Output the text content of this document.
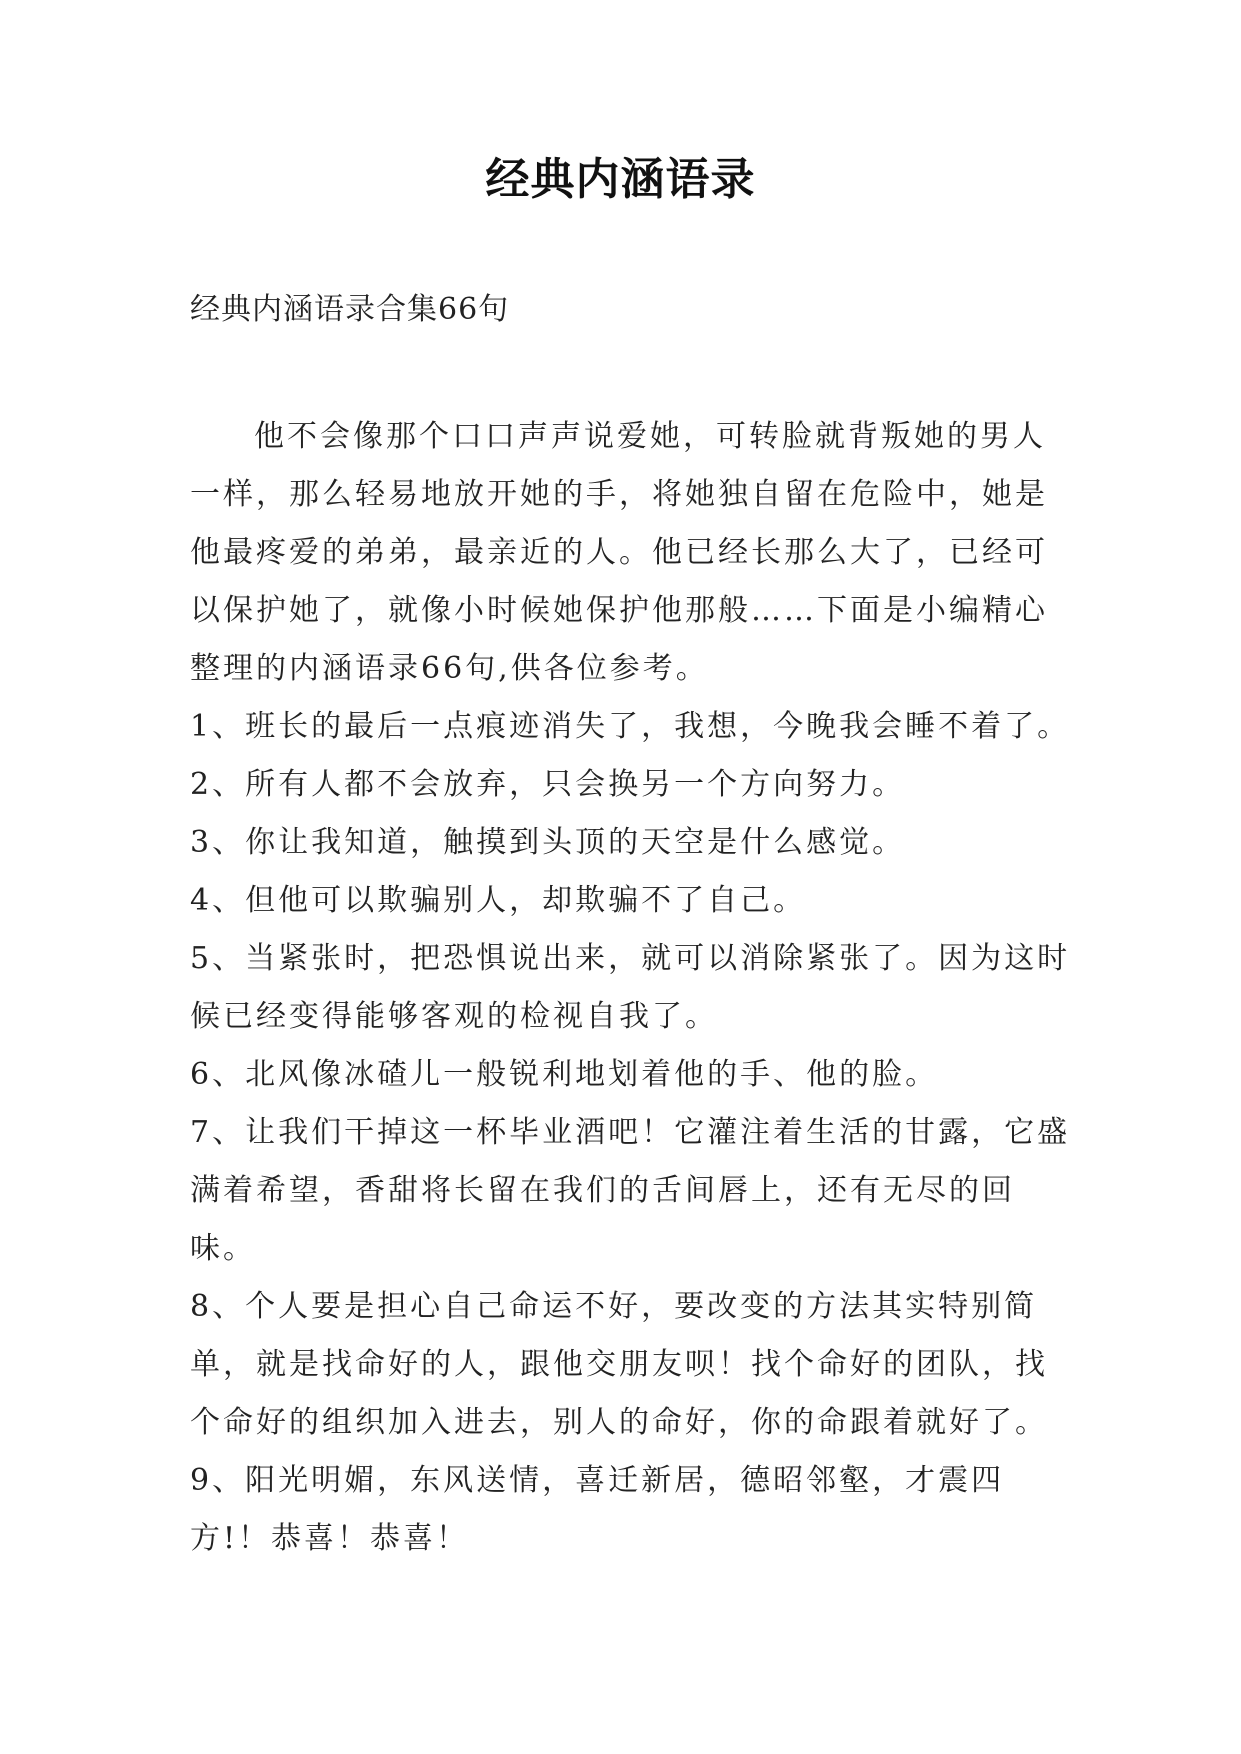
经典内涵语录
经典内涵语录合集66句

他不会像那个口口声声说爱她，可转脸就背叛她的男人一样，那么轻易地放开她的手，将她独自留在危险中，她是他最疼爱的弟弟，最亲近的人。他已经长那么大了，已经可以保护她了，就像小时候她保护他那般……下面是小编精心整理的内涵语录66句,供各位参考。

1、班长的最后一点痕迹消失了，我想，今晚我会睡不着了。

2、所有人都不会放弃，只会换另一个方向努力。

3、你让我知道，触摸到头顶的天空是什么感觉。

4、但他可以欺骗别人，却欺骗不了自己。

5、当紧张时，把恐惧说出来，就可以消除紧张了。因为这时候已经变得能够客观的检视自我了。

6、北风像冰碴儿一般锐利地划着他的手、他的脸。

7、让我们干掉这一杯毕业酒吧！它灌注着生活的甘露，它盛满着希望，香甜将长留在我们的舌间唇上，还有无尽的回味。

8、个人要是担心自己命运不好，要改变的方法其实特别简单，就是找命好的人，跟他交朋友呗！找个命好的团队，找个命好的组织加入进去，别人的命好，你的命跟着就好了。

9、阳光明媚，东风送情，喜迁新居，德昭邻壑，才震四方!！恭喜！恭喜！
